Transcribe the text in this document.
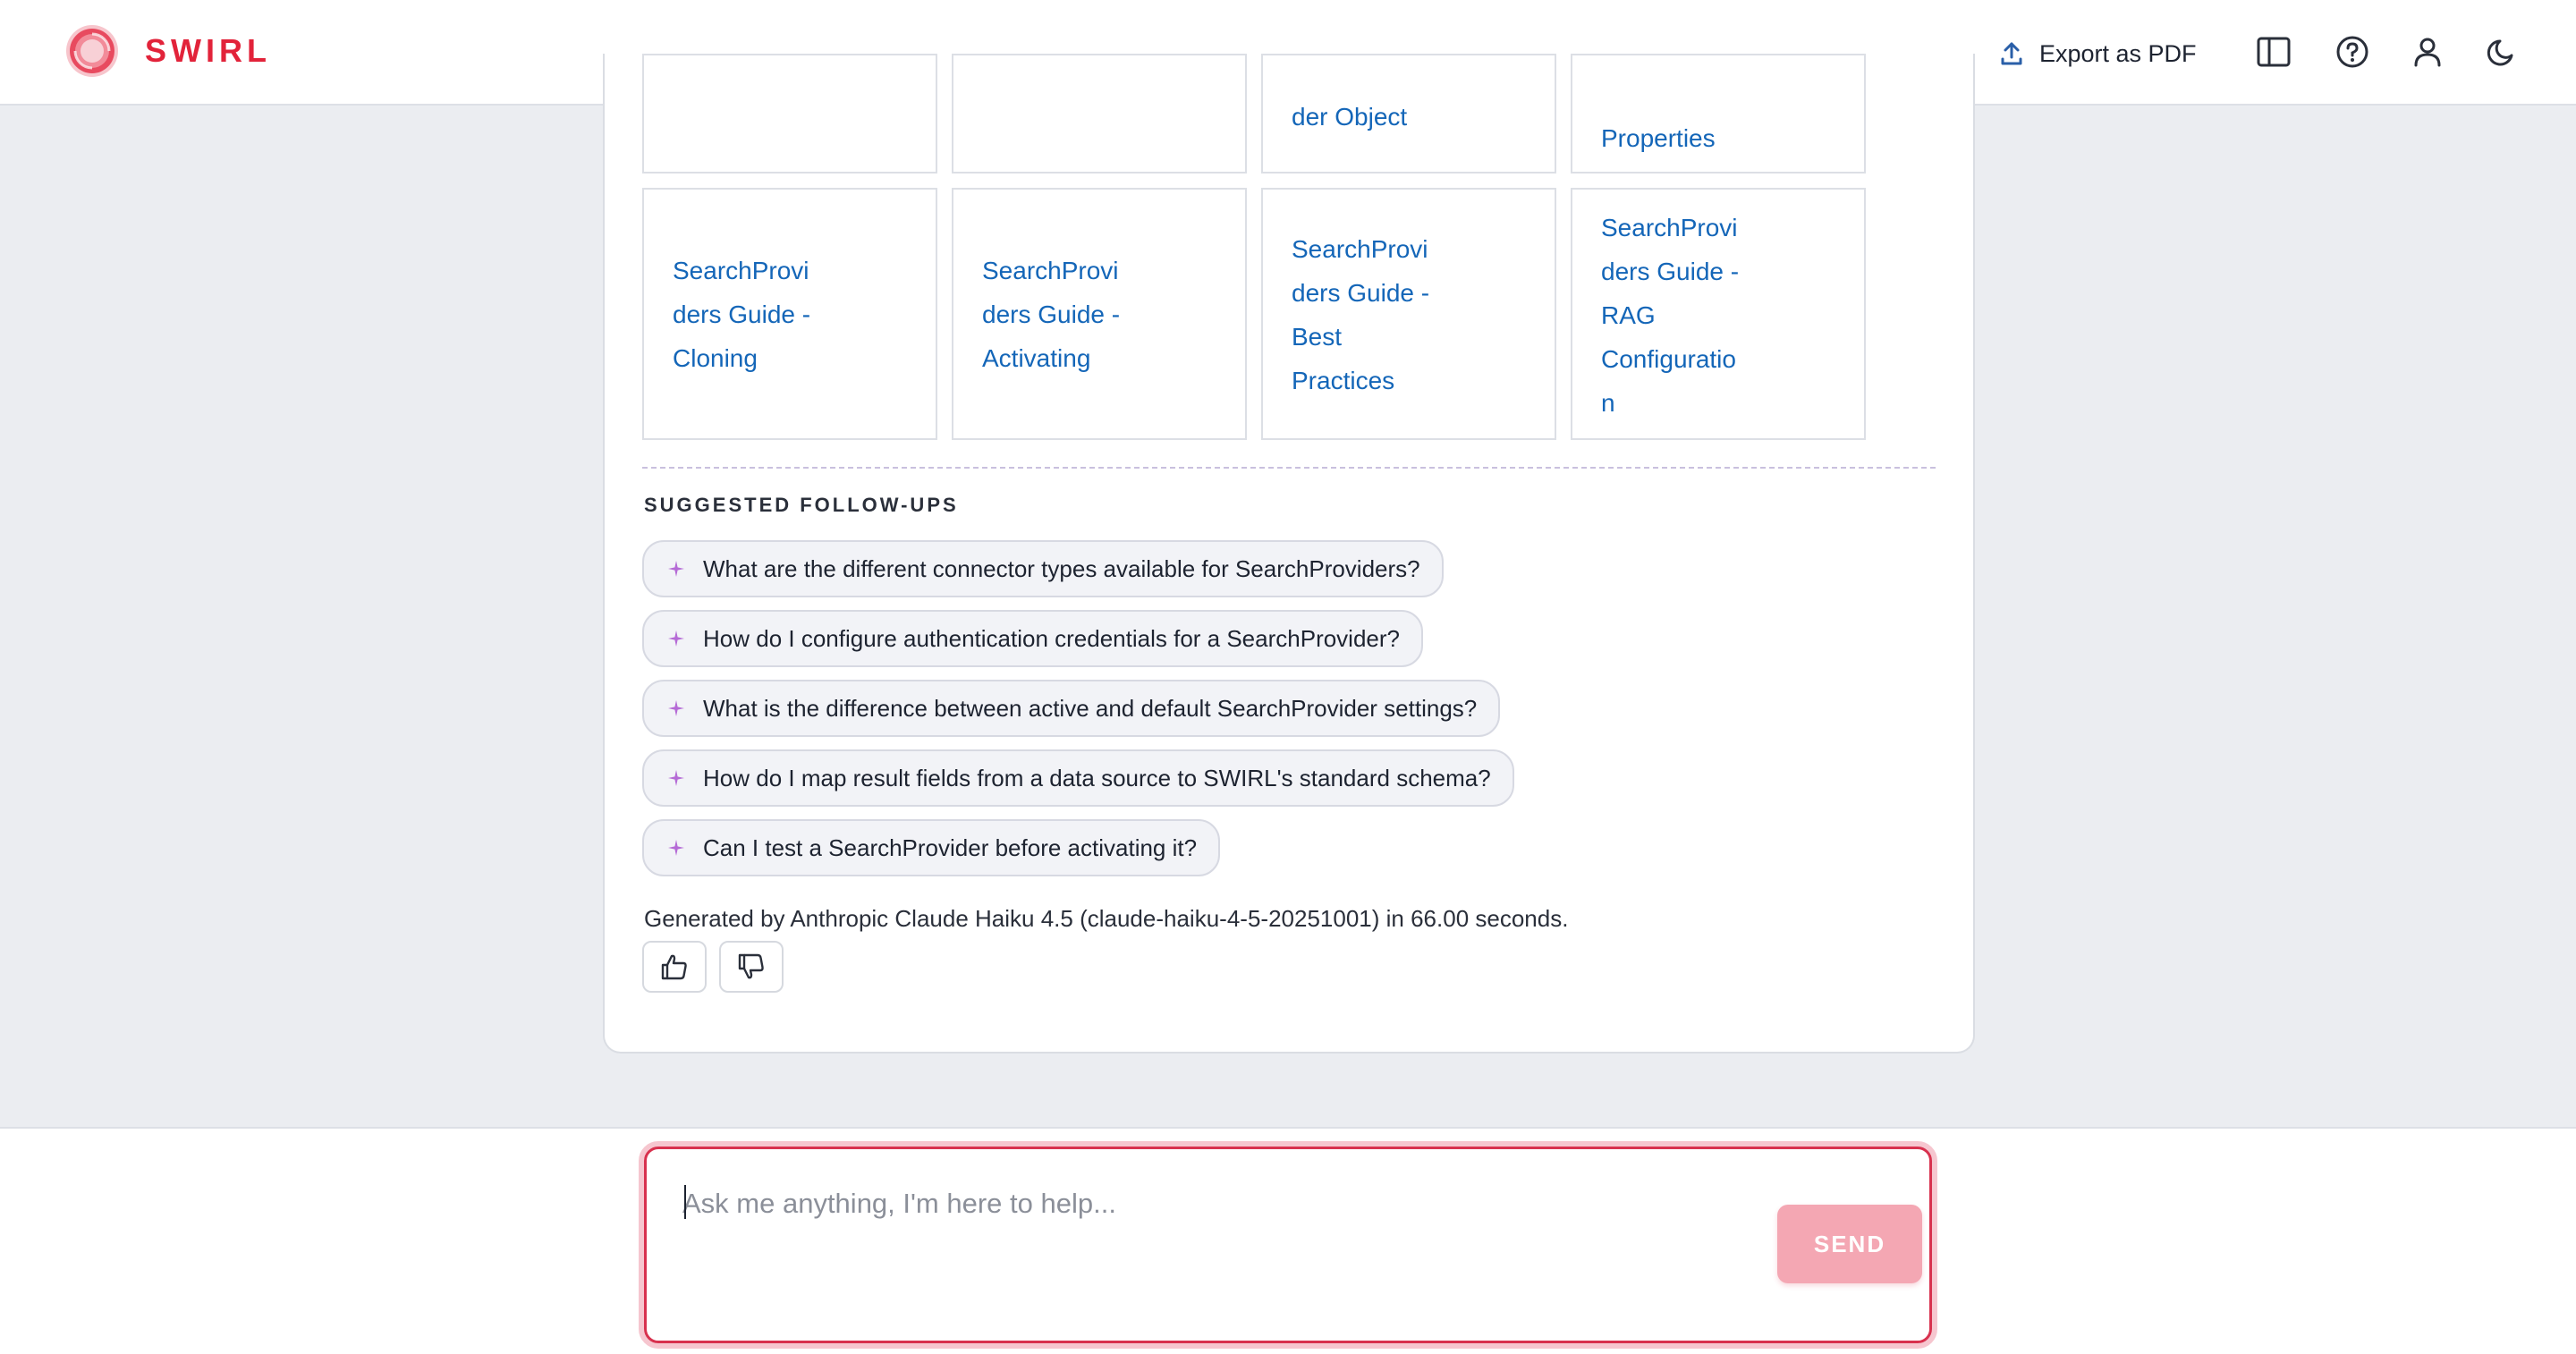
SWIRL	Export as PDF
der Object
Properties
SearchProvi
ders Guide -
Cloning
SearchProvi
ders Guide -
Activating
SearchProvi
ders Guide -
Best
Practices
SearchProvi
ders Guide -
RAG
Configuratio
n
SUGGESTED FOLLOW-UPS
What are the different connector types available for SearchProviders?
How do I configure authentication credentials for a SearchProvider?
What is the difference between active and default SearchProvider settings?
How do I map result fields from a data source to SWIRL's standard schema?
Can I test a SearchProvider before activating it?
Generated by Anthropic Claude Haiku 4.5 (claude-haiku-4-5-20251001) in 66.00 seconds.
Ask me anything, I'm here to help...
SEND
